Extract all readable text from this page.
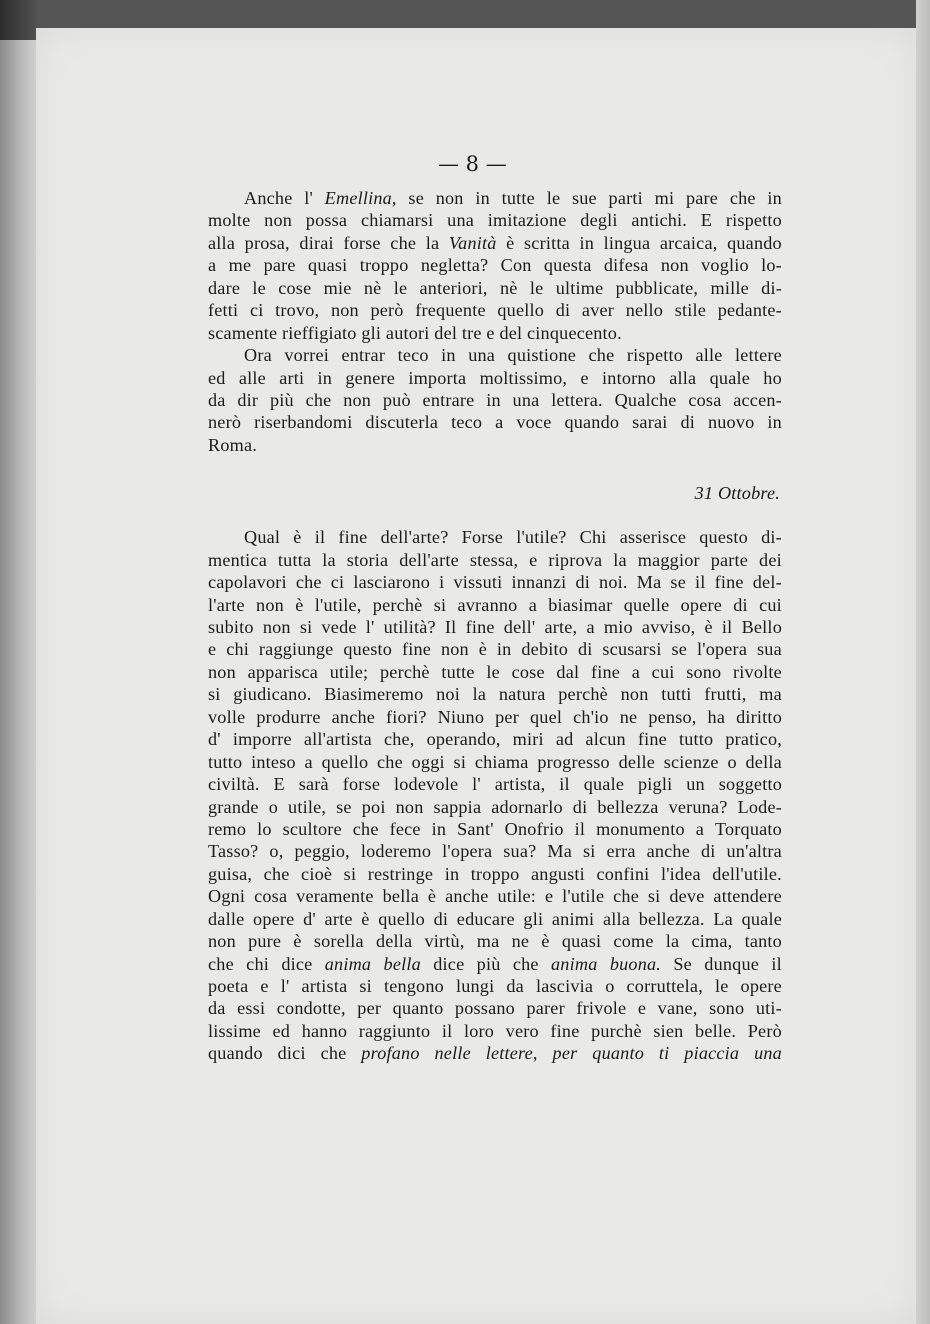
— 8 —
Anche l' Emellina, se non in tutte le sue parti mi pare che in
molte non possa chiamarsi una imitazione degli antichi. E rispetto
alla prosa, dirai forse che la Vanità è scritta in lingua arcaica, quando
a me pare quasi troppo negletta? Con questa difesa non voglio lo-
dare le cose mie nè le anteriori, nè le ultime pubblicate, mille di-
fetti ci trovo, non però frequente quello di aver nello stile pedante-
scamente
rieffigiato
gli
autori
del
tre
e
del
cinquecento.
Ora vorrei entrar teco in una quistione che rispetto alle lettere
ed alle arti in genere importa moltissimo, e intorno alla quale ho
da dir più che non può entrare in una lettera. Qualche cosa accen-
nerò riserbandomi discuterla teco a voce quando sarai di nuovo in
Roma.
31 Ottobre.
Qual è il fine dell'arte? Forse l'utile? Chi asserisce questo di-
mentica tutta la storia dell'arte stessa, e riprova la maggior parte dei
capolavori che ci lasciarono i vissuti innanzi di noi. Ma se il fine del-
l'arte non è l'utile, perchè si avranno a biasimar quelle opere di cui
subito non si vede l' utilità? Il fine dell' arte, a mio avviso, è il Bello
e chi raggiunge questo fine non è in debito di scusarsi se l'opera sua
non apparisca utile; perchè tutte le cose dal fine a cui sono rivolte
si giudicano. Biasimeremo noi la natura perchè non tutti frutti, ma
volle produrre anche fiori? Niuno per quel ch'io ne penso, ha diritto
d' imporre all'artista che, operando, miri ad alcun fine tutto pratico,
tutto inteso a quello che oggi si chiama progresso delle scienze o della
civiltà. E sarà forse lodevole l' artista, il quale pigli un soggetto
grande o utile, se poi non sappia adornarlo di bellezza veruna? Lode-
remo lo scultore che fece in Sant' Onofrio il monumento a Torquato
Tasso? o, peggio, loderemo l'opera sua? Ma si erra anche di un'altra
guisa, che cioè si restringe in troppo angusti confini l'idea dell'utile.
Ogni cosa veramente bella è anche utile: e l'utile che si deve attendere
dalle opere d' arte è quello di educare gli animi alla bellezza. La quale
non pure è sorella della virtù, ma ne è quasi come la cima, tanto
che chi dice anima bella dice più che anima buona. Se dunque il
poeta e l' artista si tengono lungi da lascivia o corruttela, le opere
da essi condotte, per quanto possano parer frivole e vane, sono uti-
lissime ed hanno raggiunto il loro vero fine purchè sien belle. Però
quando
dici
che
profano
nelle
lettere,
per
quanto
ti
piaccia
una
